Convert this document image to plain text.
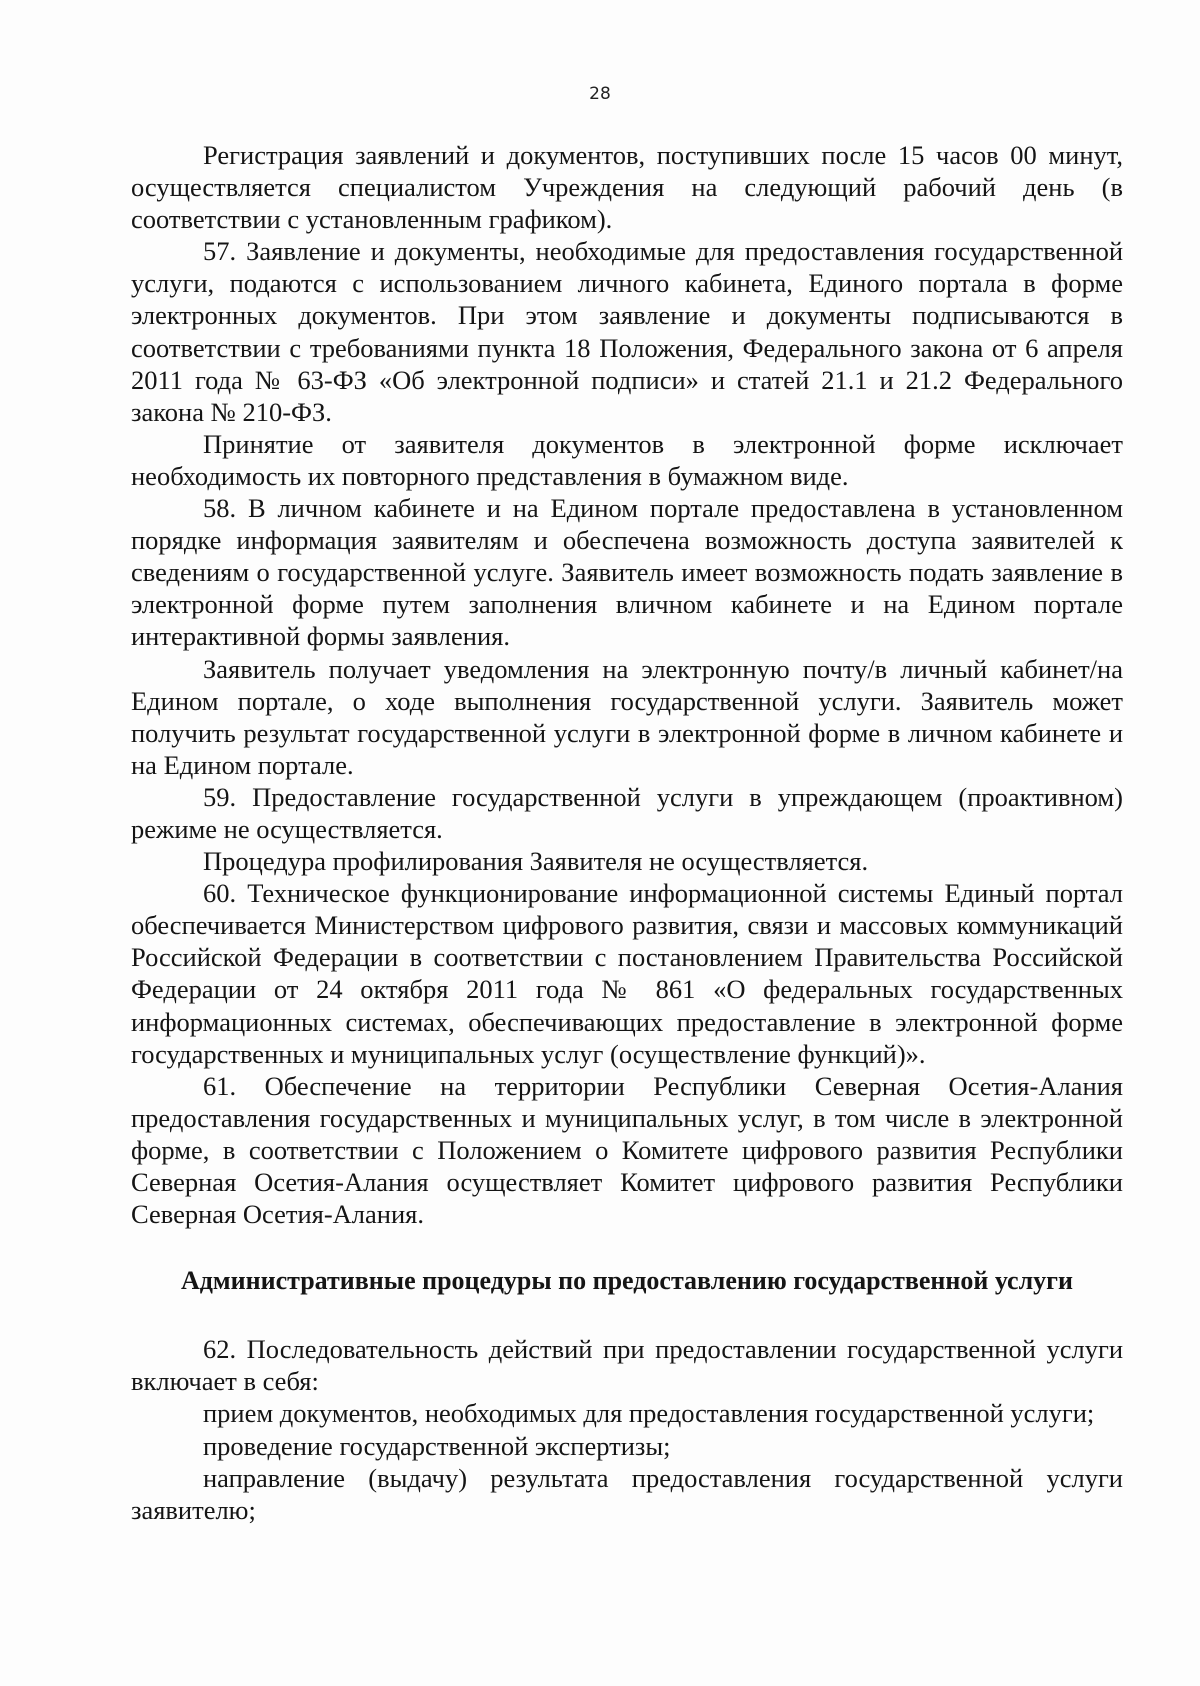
28

Регистрация заявлений и документов, поступивших после 15 часов 00 минут, осуществляется специалистом Учреждения на следующий рабочий день (в соответствии с установленным графиком).

57. Заявление и документы, необходимые для предоставления государственной услуги, подаются с использованием личного кабинета, Единого портала в форме электронных документов. При этом заявление и документы подписываются в соответствии с требованиями пункта 18 Положения, Федерального закона от 6 апреля 2011 года № 63-ФЗ «Об электронной подписи» и статей 21.1 и 21.2 Федерального закона № 210-ФЗ.

Принятие от заявителя документов в электронной форме исключает необходимость их повторного представления в бумажном виде.

58. В личном кабинете и на Едином портале предоставлена в установленном порядке информация заявителям и обеспечена возможность доступа заявителей к сведениям о государственной услуге. Заявитель имеет возможность подать заявление в электронной форме путем заполнения вличном кабинете и на Едином портале интерактивной формы заявления.

Заявитель получает уведомления на электронную почту/в личный кабинет/на Едином портале, о ходе выполнения государственной услуги. Заявитель может получить результат государственной услуги в электронной форме в личном кабинете и на Едином портале.

59. Предоставление государственной услуги в упреждающем (проактивном) режиме не осуществляется.

Процедура профилирования Заявителя не осуществляется.

60. Техническое функционирование информационной системы Единый портал обеспечивается Министерством цифрового развития, связи и массовых коммуникаций Российской Федерации в соответствии с постановлением Правительства Российской Федерации от 24 октября 2011 года № 861 «О федеральных государственных информационных системах, обеспечивающих предоставление в электронной форме государственных и муниципальных услуг (осуществление функций)».

61. Обеспечение на территории Республики Северная Осетия-Алания предоставления государственных и муниципальных услуг, в том числе в электронной форме, в соответствии с Положением о Комитете цифрового развития Республики Северная Осетия-Алания осуществляет Комитет цифрового развития Республики Северная Осетия-Алания.

Административные процедуры по предоставлению государственной услуги

62. Последовательность действий при предоставлении государственной услуги включает в себя:

прием документов, необходимых для предоставления государственной услуги;

проведение государственной экспертизы;

направление (выдачу) результата предоставления государственной услуги заявителю;
